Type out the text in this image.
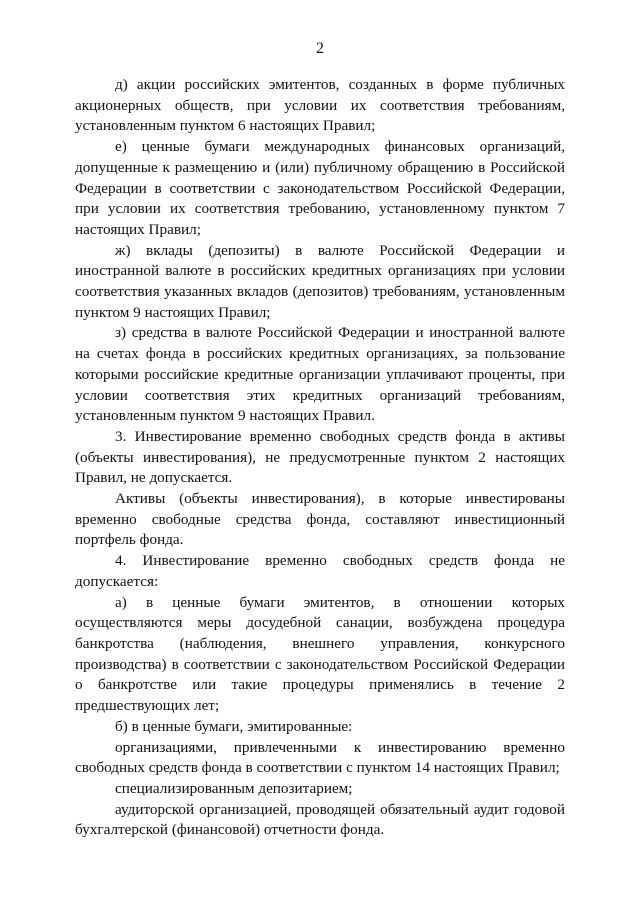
2

д) акции российских эмитентов, созданных в форме публичных акционерных обществ, при условии их соответствия требованиям, установленным пунктом 6 настоящих Правил;

е) ценные бумаги международных финансовых организаций, допущенные к размещению и (или) публичному обращению в Российской Федерации в соответствии с законодательством Российской Федерации, при условии их соответствия требованию, установленному пунктом 7 настоящих Правил;

ж) вклады (депозиты) в валюте Российской Федерации и иностранной валюте в российских кредитных организациях при условии соответствия указанных вкладов (депозитов) требованиям, установленным пунктом 9 настоящих Правил;

з) средства в валюте Российской Федерации и иностранной валюте на счетах фонда в российских кредитных организациях, за пользование которыми российские кредитные организации уплачивают проценты, при условии соответствия этих кредитных организаций требованиям, установленным пунктом 9 настоящих Правил.

3. Инвестирование временно свободных средств фонда в активы (объекты инвестирования), не предусмотренные пунктом 2 настоящих Правил, не допускается.

Активы (объекты инвестирования), в которые инвестированы временно свободные средства фонда, составляют инвестиционный портфель фонда.

4. Инвестирование временно свободных средств фонда не допускается:

а) в ценные бумаги эмитентов, в отношении которых осуществляются меры досудебной санации, возбуждена процедура банкротства (наблюдения, внешнего управления, конкурсного производства) в соответствии с законодательством Российской Федерации о банкротстве или такие процедуры применялись в течение 2 предшествующих лет;

б) в ценные бумаги, эмитированные:

организациями, привлеченными к инвестированию временно свободных средств фонда в соответствии с пунктом 14 настоящих Правил;

специализированным депозитарием;

аудиторской организацией, проводящей обязательный аудит годовой бухгалтерской (финансовой) отчетности фонда.
